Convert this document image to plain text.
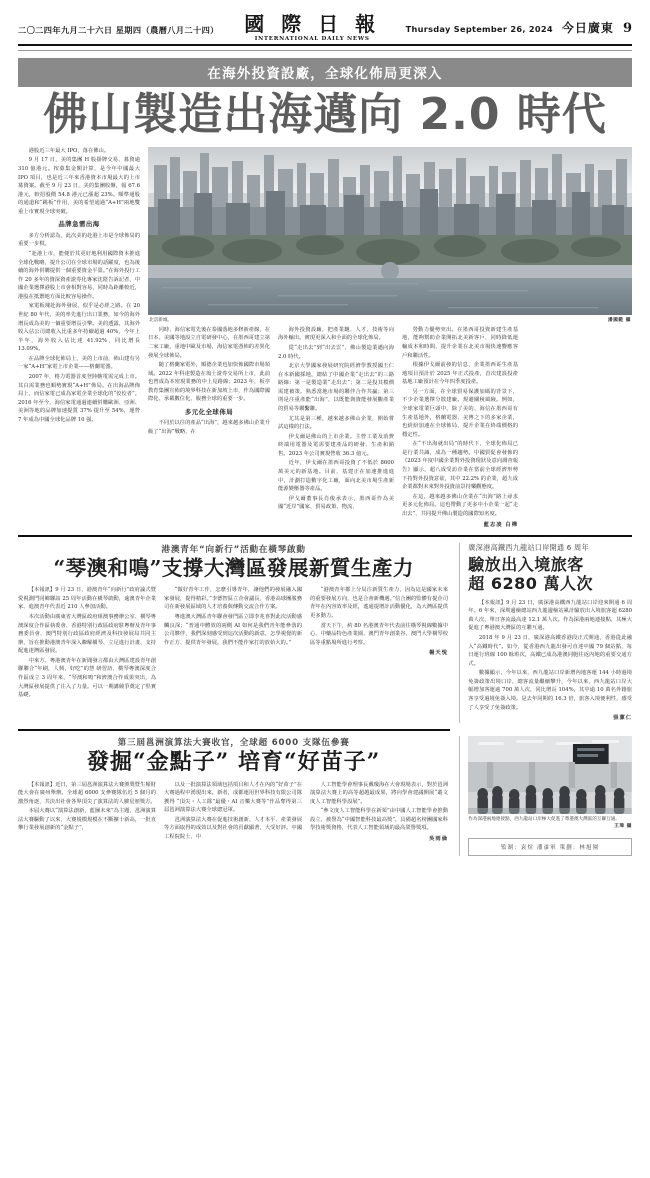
二〇二四年九月二十六日 星期四（農曆八月二十四） 國 際 日 報
INTERNATIONAL DAILY NEWS
Thursday September 26, 2024 今日廣東 9
在海外投資設廠，全球化佈局更深入
佛山製造出海邁向 2.0 時代

港股近三年最大 IPO，落在佛山。

9 月 17 日，美的集團 H 股掛牌交易，募資逾 310 億港元。按募集金額計算，是今年中國最大 IPO 項目，也是近三年來香港資本市場最大的上市募資案。截至 9 月 23 日，美的集團收盤，報 67.6 港元，較招股價 54.8 港元已漲超 23%。順準通股的通道和“跳板”作用，美的希望通過“A+H”兩地雙重上市實現全球突破。

品牌急需出海

多方分析認為，此次美的赴港上市是全球佈局的重要一步棋。

“赴港上市，能便於其更好地利用國際資本推進全球化戰略，提升公司在全球市場的話躍度，也為後續的海外併購提供一個重要資金平臺。”在海外投行工作 20 多年的資深資產證券化專家沈陰告訴記者，中國企業選擇港股上市會相對容易，同時為距離較近，港股在抵禦地方面比較容易操作。

家電板塊赴海外發展，似乎是必經之路。在 20 世紀 80 年代，美的率先進行出口業務，如今的海外增長成為美的一個重要增長引擎。美的透露，其海外收入佔公司總收入比重多年持續超過 40%，今年上半年，海外收入佔比達 41.92%，同比增長 13.09%。

在品牌全球化佈局上，美的上市前，佈山建有另一家“A+H”家電上市企業——格蘭電器。

2007 年，格力電器首度登陸轄電需完成上市。其白需業務也順勢實現“A+H”佈局。在出海品牌佈局上，而信家電已成為家電企業全球化的“佼佼者”。2016 年至今，海信家電通過連續併購歐洲、亞洲、美洲等地的品牌加速提質 37% 提升至 54%，運營 7 年成為中國全球化品牌 10 强。

北滘新城。	潘國範 攝

同時，海信家電先後在泰國落地多修新產線，在日本、美國等地設立自電研發中心，在墨西哥建立第二家工廠，重地中歐及市場，海信家電憑佈的差異化發展全球佈局。

随了格蘭家電外，順德企業也加快佈國際市場領域。2022 年科達製造在塢士證券交易所上市，此前也曾成為本密現業務的中上見路線；2023 年，板亭教育集團宣佈的境界科技在新加坡上市，作為國際國際化、承載數位化、服務全球的重要一步。

多元化全球佈局

不同於以往的產品“出海”，越來越多佛山企業升級了“出海”戰略，在

海外投資設廠，把產業鏈、人才、技術等向海外輸出。實現更深入和全面的全球化佈局。

從“走出去”到“出去雲”，佛山製造業邁向海 2.0 時代。

北京大學國家發展研究院經濟學教授國王仁在本新國採地，總結了中國企業“走出去”的三路路線：第一是製造業“走出去”；第二是投其模價需建被策。熟悉當地市場的聯伴合作共贏；第三則是注重產能“出海”，以既能與資能發展觀產業的貿易等聯繫聯。

尤其是第三種，越來越多佛山企業，開始嘗試這樣的打法。

伊戈爾是佛山的上市企業。主營工業及消費終端用電器及電需要建產品的研發、生產和銷售。2023 年公司實現營收 36.3 億元。

近年，伊戈爾在墨西哥投資了不低於 8600 萬美元的新基地。目前，基建正在加速推進進中，計劃打造數字化工廠，面向北美市場生產新能源變壓器等產品。

伊戈爾董事長肖俊承表示，墨西哥作為美國“近岸”國家、貿易政策、物流、

勞動力優勢突出。在墨西哥投資新建生產基地，能夠幫助企業開拓北美新客戶，同時降低運輸成本和時間，提升企業在北美市場快速響應客戶和聯活性。

根據伊戈爾前發的信息，企業墨西哥生產基地項目預計於 2025 年正式投產，首次建設投產基地工廠預計在今年四季度投產。

另一方面，在全球貿易保護加碼的背景下，不少企業選擇分散建廠。規避關稅風險。例如，全球家電業巨頭中，除了美的、海信在墨西哥有生產基地外，格蘭電器、美博之下的多家企業，也紛紛加速在全球佈局，提升企業在終端價格的穩定性。

在“不出海就出局”的時代下，全球化佈局已是行業共識，成為一種趨勢。中國貿促會發佈的《2023 年度中國企業對外投資現狀及意向調查報告》顯示，超八成受訪企業在當前全球經濟形勢下持對外投資意欲，其中 22.2% 的企業，超九成企業都對未來對外投資前景持樂觀態度。

在這，越來越多佛山企業在“出海”路上尋求更多元化佈局。這也帶動了更多中小企業一起“走出去”，共同提升佛山製造的國際知名度。

藍志凌 白樺
港澳青年“向新行”活動在橫琴啟動
“琴澳和鳴”支撐大灣區發展新質生產力

【本報訊】9 月 23 日，港澳青年“向新行”政府論式暨愛視測門同鄉聯誼 25 周年活動在橫琴啟動，逾澳青年企業家、進澳青年代表近 210 人參加活動。

本次活動由廣東省大灣區政府組澳事務辦公室、橫琴粵澳深度合作區執委會、香港特別行政區政府駐粵辦及青年事務委員會、澳門特別行政區政府經濟及科技發展局共同主辦，旨在推動港澳青年深入瞭解橫琴、立足進行計畫、支持配進達灣區發展。

中來方、粵港澳青年在新聞發言都由大灣區建設青年創聯聯合“年刷，人興、好吃”的慧 研習訪、横琴粵澳深度合作區成立 3 周年來，“琴澳和鳴”和濟澳合作成果突出，為大灣區發展提供了注入了力量。可以一期講競爭奠定了堅實基礎。

“做好青年工作，怎麼引導青年，讓他們的發展融入國家發展，提得精彩。”李德智區立企會議長，香港高球團服務司在新發展區域的人才培養與傳動交流合作方案。

粵進澳大灣區青年聯會發門區立即李兆喜對此次活動感觸良深；“普通中體效的兩側 AI 如何是我們青年能參落的公司夥伴，我們深刻感受到這次活動的新意，怎學視覺的新作正方、提供青年發展。我們不能作家打的放始大的。”

“港澳青年都上分局注新質生產力，因為這是國家未來的重要發展方向，也是合會新機遇。”信合團的監體有提企司青年在內容效率及經，遙通提增計活動優化，為大灣區提供更多動力。

當天下午，約 80 名港澳青年代表前往橫琴視線數據中心、中藥品特色產業園、澳門青年創業谷、澳門大學橫琴校區等重點場所進行考察。

楊天悅
廣深港高鐵西九龍站口岸開通 6 周年
驗放出入境旅客
超 6280 萬人次

【本報訊】9 月 23 日，廣深港高鐵西九龍站口岸迎來開通 6 周年。6 年來，深圳邊檢總站西九龍邊檢站累計驗放出入境旅客超 6280 萬人次，單日客流最高達 12.1 萬人次。作為深港兩地連接點，其極大促進了粵港澳大灣區的互聯互通。

2018 年 9 月 23 日，廣深港高鐵香港段正式開通，香港從此融入“高鐵時代”。如今，從香港西九龍出發可直達中國 79 個站點，每日運行班線 100 餘班次，高鐵已成為港澳同胞往返內地的重要交通方式。

數據顯示，今年以來，西九龍站口岸新增內地客運 144 小時過境免簽政策出境口岸，總客流量繼續攀升，今年以來，西九龍站口岸大幅增加客運逾 700 萬人次，同比增長 104%，其中逾 10 萬名外籍旅客享受過境免簽入境。是去年同期的 16.3 倍，旅客入境便利性，感受了人享受了免簽政策。

張潔仁
第三屆邕洲演算法大賽收官，全球超 6000 支隊伍參賽
發掘“金點子” 培育“好苗子”

【本報訊】近日，第三屆邕洲演算法大賽頒獎暨生頻財能大會在廣州舉辦。全球超 6000 支參賽隊伍近 5 個月的激烈角逐，共決出社會各界頂尖了演算法的人臉星頒獎方。

本屆大賽以“演算法創新，藍圖未來”為主題，邕洲演算法大賽驅動了以來，大賽規模規模在不斷擴十新高，一批直攀行業發展創新的“金點子”，

以及一批演算法領域包括項目和人才在內的“好苗子”在大賽過程中湧現出來。新者，成都運用世界科技有限公司隊獲得 “頂尖・人工隊”最優・AI 音樂大賽等”作品奪得第三届邕洲演算法大賽全球總冠軍。

邕洲演算法大賽在促進技術創新、人才本平、產業發展等方面取得的成效以及對社會的貢獻顯著，大受好評。中國工程院院士、中

人工智能學會理事長戴瓊海在大會現場表示，對於邕洲演算法大賽上的高等超越最成果，將向學會建議開展“叢文度人工智能科學設展”。

“參文度人工智能科學在新領”由中國人工智能學會推動設立，被譽為“中國智能科技最高獎”，具備超名榜團國家科學技術獎資格，代表人工智能領域的最高榮譽獎項。

吳雨倫
作為深港兩地連接點，西九龍站口岸極大促進了粵港澳大灣區的互聯互通。
王瑋 攝
監制：袁煊 潘彥軍 策劃：林旭園
